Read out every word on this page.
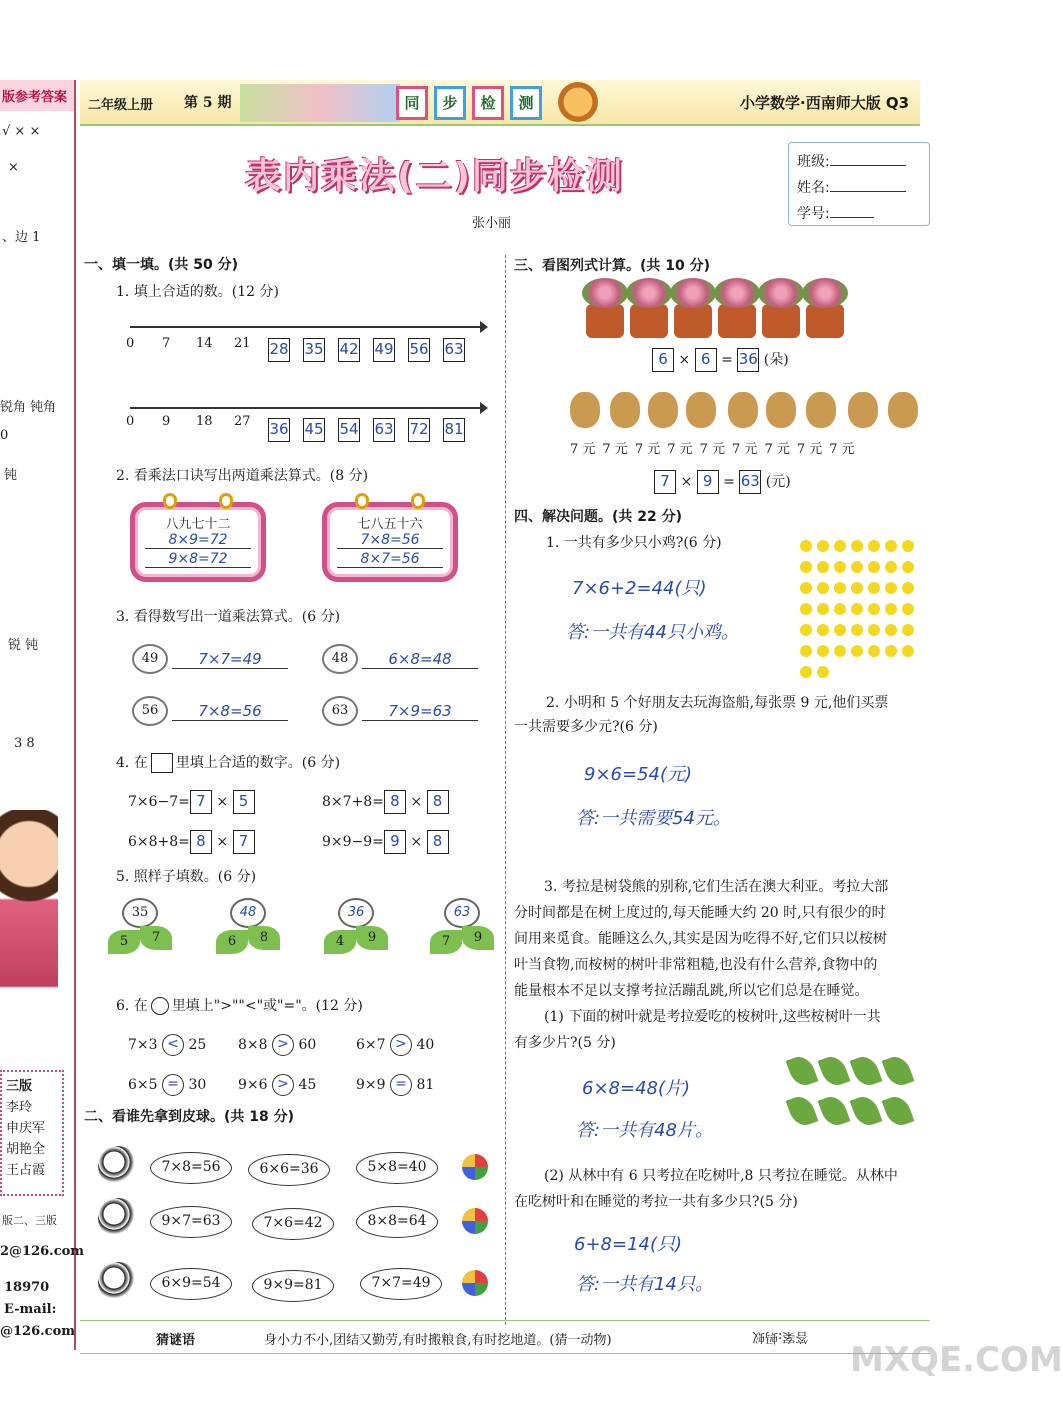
版参考答案
√ × ×
×
、边 1
锐角 钝角
0
钝
锐 钝
3 8
三版
李玲
申庆军
胡艳全
王占霞
版二、三版
2@126.com
18970
E-mail:
@126.com
二年级上册 第 5 期	同	步	检	测	小学数学·西南师大版 Q3
表内乘法(二)同步检测
张小丽
班级:
姓名:
学号:
一、填一填。(共 50 分)
1. 填上合适的数。(12 分)
0 7 14 21 28 35 42 49 56 63
0 9 18 27 36 45 54 63 72 81
2. 看乘法口诀写出两道乘法算式。(8 分)
八九七十二
8×9=72
9×8=72
七八五十六
7×8=56
8×7=56
3. 看得数写出一道乘法算式。(6 分)
49	7×7=49	48	6×8=48
56	7×8=56	63	7×9=63
4. 在 里填上合适的数字。(6 分)
7×6−7= 7 × 5	8×7+8= 8 × 8
6×8+8= 8 × 7	9×9−9= 9 × 8
5. 照样子填数。(6 分)
35
5	7
48
6	8
36
4	9
63
7	9
6. 在 里填上">""<"或"="。(12 分)
7×3 < 25 8×8 > 60	6×7 > 40
6×5 = 30 9×6 > 45	9×9 = 81
二、看谁先拿到皮球。(共 18 分)
7×8=56	6×6=36	5×8=40
9×7=63	7×6=42	8×8=64
6×9=54	9×9=81	7×7=49
三、看图列式计算。(共 10 分)
6 × 6 = 36 (朵)
7 元 7 元 7 元 7 元 7 元 7 元 7 元 7 元 7 元
7 × 9 = 63 (元)
四、解决问题。(共 22 分)
1. 一共有多少只小鸡?(6 分)
7×6+2=44(只)
答:一共有44只小鸡。
2. 小明和 5 个好朋友去玩海盗船,每张票 9 元,他们买票
一共需要多少元?(6 分)
9×6=54(元)
答:一共需要54元。
3. 考拉是树袋熊的别称,它们生活在澳大利亚。考拉大部
分时间都是在树上度过的,每天能睡大约 20 时,只有很少的时
间用来觅食。能睡这么久,其实是因为吃得不好,它们只以桉树
叶当食物,而桉树的树叶非常粗糙,也没有什么营养,食物中的
能量根本不足以支撑考拉活蹦乱跳,所以它们总是在睡觉。
(1) 下面的树叶就是考拉爱吃的桉树叶,这些桉树叶一共
有多少片?(5 分)
6×8=48(片)
答:一共有48片。
(2) 从林中有 6 只考拉在吃树叶,8 只考拉在睡觉。从林中
在吃树叶和在睡觉的考拉一共有多少只?(5 分)
6+8=14(只)
答:一共有14只。
猜谜语	身小力不小,团结又勤劳,有时搬粮食,有时挖地道。(猜一动物)	答案:蚂蚁
MXQE.COM
